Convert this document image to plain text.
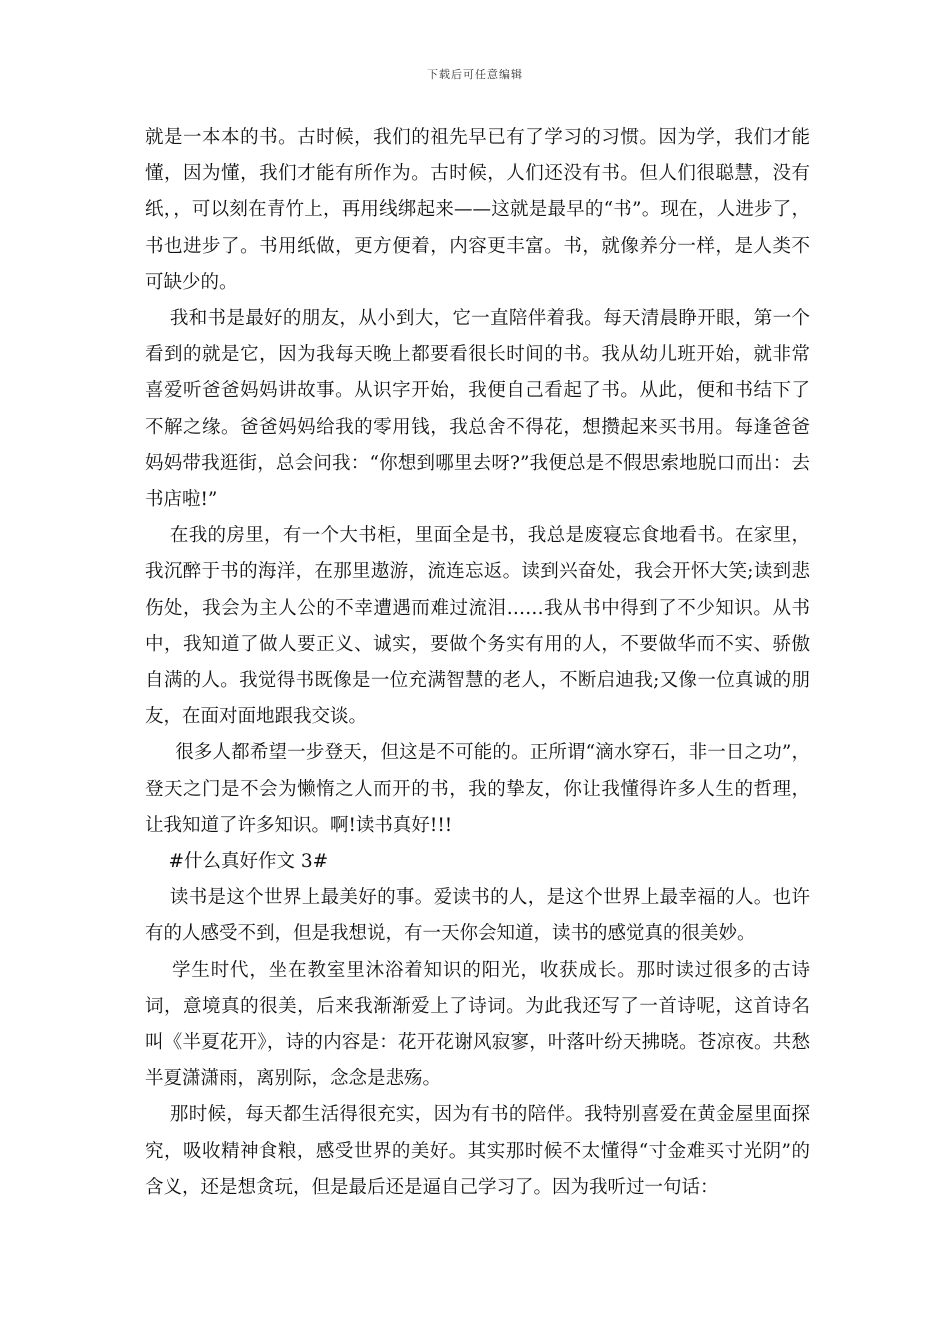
下载后可任意编辑

就是一本本的书。古时候，我们的祖先早已有了学习的习惯。因为学，我们才能懂，因为懂，我们才能有所作为。古时候，人们还没有书。但人们很聪慧，没有纸，，可以刻在青竹上，再用线绑起来——这就是最早的“书”。现在，人进步了，书也进步了。书用纸做，更方便着，内容更丰富。书，就像养分一样，是人类不可缺少的。

我和书是最好的朋友，从小到大，它一直陪伴着我。每天清晨睁开眼，第一个看到的就是它，因为我每天晚上都要看很长时间的书。我从幼儿班开始，就非常喜爱听爸爸妈妈讲故事。从识字开始，我便自己看起了书。从此，便和书结下了不解之缘。爸爸妈妈给我的零用钱，我总舍不得花，想攒起来买书用。每逢爸爸妈妈带我逛街，总会问我：“你想到哪里去呀?”我便总是不假思索地脱口而出：去书店啦!”

在我的房里，有一个大书柜，里面全是书，我总是废寝忘食地看书。在家里，我沉醉于书的海洋，在那里遨游，流连忘返。读到兴奋处，我会开怀大笑;读到悲伤处，我会为主人公的不幸遭遇而难过流泪……我从书中得到了不少知识。从书中，我知道了做人要正义、诚实，要做个务实有用的人，不要做华而不实、骄傲自满的人。我觉得书既像是一位充满智慧的老人，不断启迪我;又像一位真诚的朋友，在面对面地跟我交谈。

很多人都希望一步登天，但这是不可能的。正所谓“滴水穿石，非一日之功”，登天之门是不会为懒惰之人而开的书，我的挚友，你让我懂得许多人生的哲理，让我知道了许多知识。啊!读书真好!!!

#什么真好作文 3#

读书是这个世界上最美好的事。爱读书的人，是这个世界上最幸福的人。也许有的人感受不到，但是我想说，有一天你会知道，读书的感觉真的很美妙。

学生时代，坐在教室里沐浴着知识的阳光，收获成长。那时读过很多的古诗词，意境真的很美，后来我渐渐爱上了诗词。为此我还写了一首诗呢，这首诗名叫《半夏花开》，诗的内容是：花开花谢风寂寥，叶落叶纷天拂晓。苍凉夜。共愁半夏潇潇雨，离别际，念念是悲殇。

那时候，每天都生活得很充实，因为有书的陪伴。我特别喜爱在黄金屋里面探究，吸收精神食粮，感受世界的美好。其实那时候不太懂得“寸金难买寸光阴”的含义，还是想贪玩，但是最后还是逼自己学习了。因为我听过一句话：
